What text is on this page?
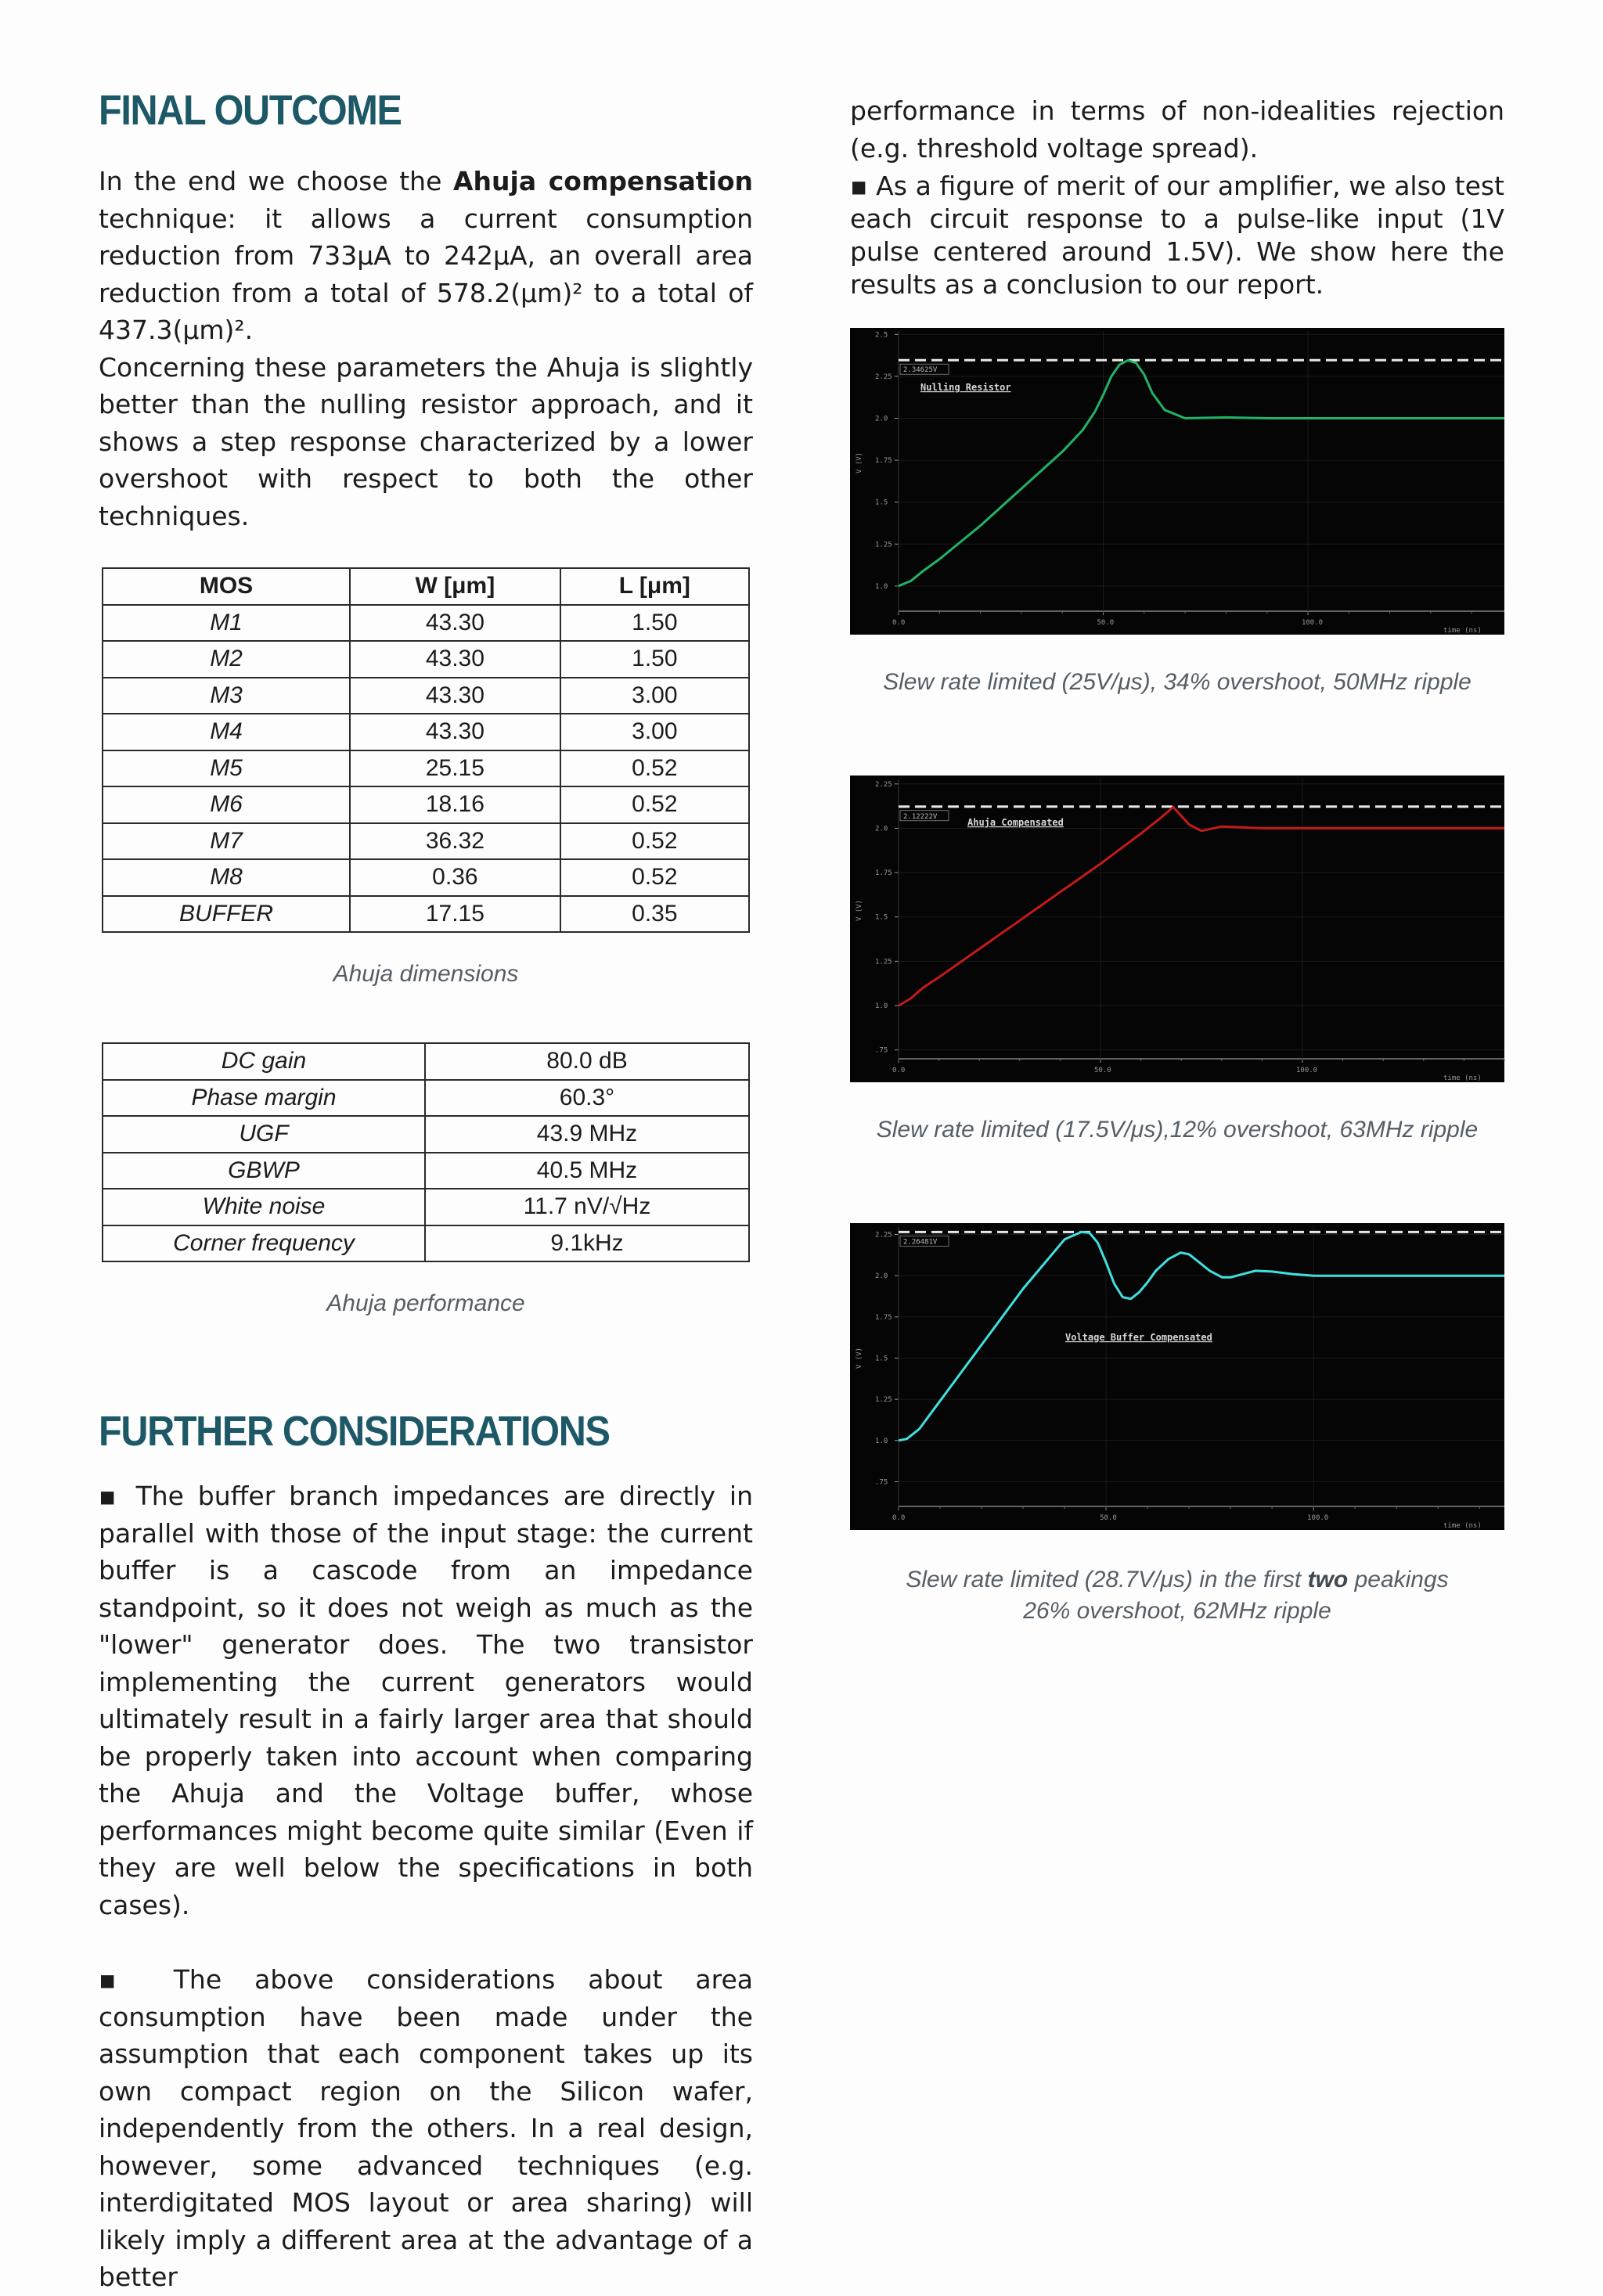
FINAL OUTCOME

In the end we choose the Ahuja compensation technique: it allows a current consumption reduction from 733μA to 242μA, an overall area reduction from a total of 578.2(μm)² to a total of 437.3(μm)².

Concerning these parameters the Ahuja is slightly better than the nulling resistor approach, and it shows a step response characterized by a lower overshoot with respect to both the other techniques.

MOS	W [μm]	L [μm]
M1	43.30	1.50
M2	43.30	1.50
M3	43.30	3.00
M4	43.30	3.00
M5	25.15	0.52
M6	18.16	0.52
M7	36.32	0.52
M8	0.36	0.52
BUFFER	17.15	0.35
Ahuja dimensions
DC gain	80.0 dB
Phase margin	60.3°
UGF	43.9 MHz
GBWP	40.5 MHz
White noise	11.7 nV/√Hz
Corner frequency	9.1kHz
Ahuja performance
FURTHER CONSIDERATIONS

▪ The buffer branch impedances are directly in parallel with those of the input stage: the current buffer is a cascode from an impedance standpoint, so it does not weigh as much as the "lower" generator does. The two transistor implementing the current generators would ultimately result in a fairly larger area that should be properly taken into account when comparing the Ahuja and the Voltage buffer, whose performances might become quite similar (Even if they are well below the specifications in both cases).

▪ The above considerations about area consumption have been made under the assumption that each component takes up its own compact region on the Silicon wafer, independently from the others. In a real design, however, some advanced techniques (e.g. interdigitated MOS layout or area sharing) will likely imply a different area at the advantage of a better

performance in terms of non-idealities rejection (e.g. threshold voltage spread).

▪ As a figure of merit of our amplifier, we also test each circuit response to a pulse-like input (1V pulse centered around 1.5V). We show here the results as a conclusion to our report.

2.5
2.25
2.0
1.75
1.5
1.25
1.0
0.0	50.0	100.0
V (V)
time (ns)
2.34625V
Nulling Resistor
Slew rate limited (25V/μs), 34% overshoot, 50MHz ripple
2.25
2.0
1.75
1.5
1.25
1.0
.75
0.0	50.0	100.0
V (V)
time (ns)
2.12222V
Ahuja Compensated
Slew rate limited (17.5V/μs),12% overshoot, 63MHz ripple
2.25
2.0
1.75
1.5
1.25
1.0
.75
0.0	50.0	100.0
V (V)
time (ns)
2.26481V
Voltage Buffer Compensated
Slew rate limited (28.7V/μs) in the first two peakings
26% overshoot, 62MHz ripple
